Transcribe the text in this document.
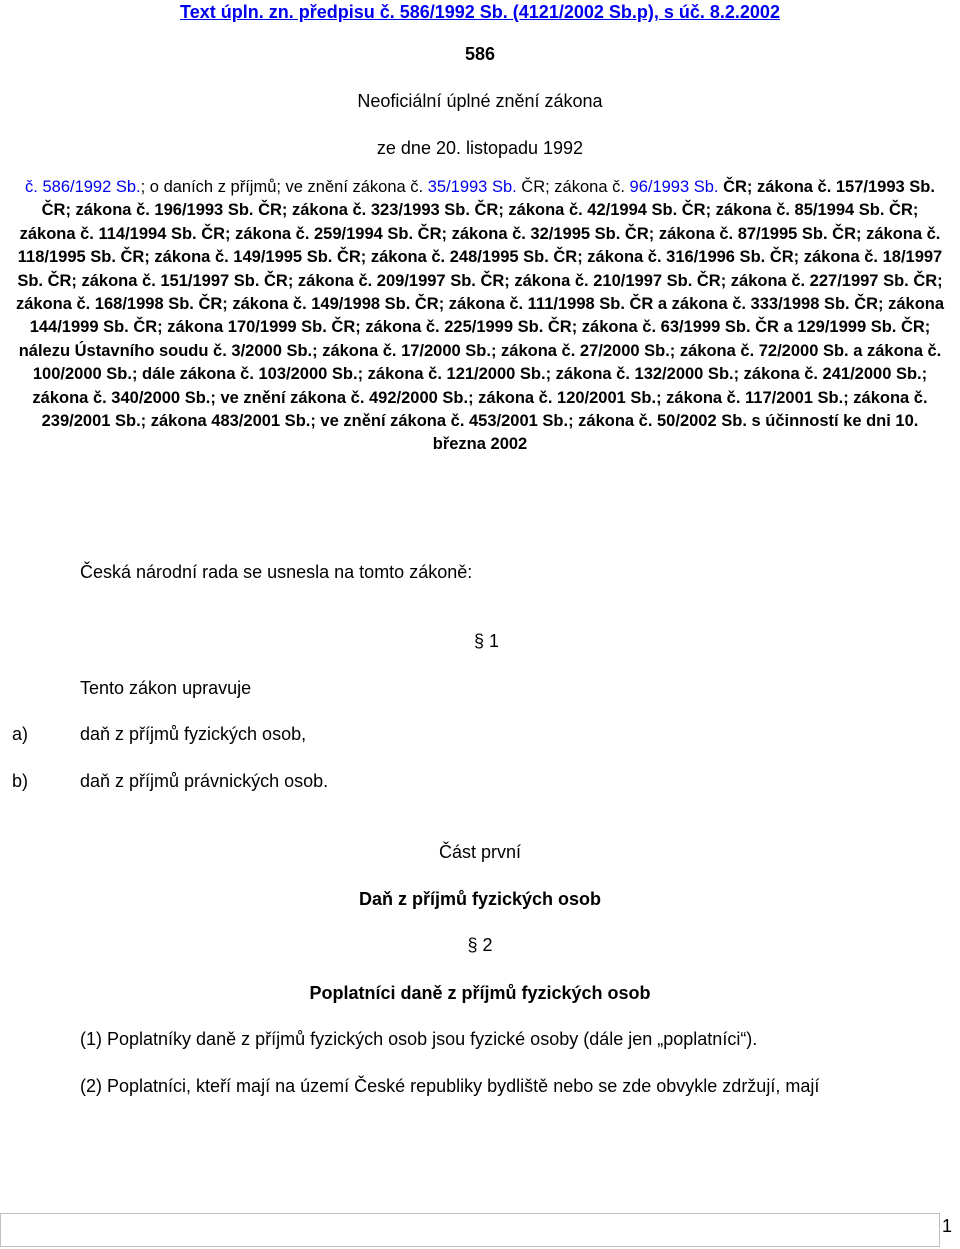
Text úpln. zn. předpisu č. 586/1992 Sb. (4121/2002 Sb.p), s úč. 8.2.2002
586
Neoficiální úplné znění zákona
ze dne 20. listopadu 1992
č. 586/1992 Sb.; o daních z příjmů; ve znění zákona č. 35/1993 Sb. ČR; zákona č. 96/1993 Sb. ČR; zákona č. 157/1993 Sb. ČR; zákona č. 196/1993 Sb. ČR; zákona č. 323/1993 Sb. ČR; zákona č. 42/1994 Sb. ČR; zákona č. 85/1994 Sb. ČR; zákona č. 114/1994 Sb. ČR; zákona č. 259/1994 Sb. ČR; zákona č. 32/1995 Sb. ČR; zákona č. 87/1995 Sb. ČR; zákona č. 118/1995 Sb. ČR; zákona č. 149/1995 Sb. ČR; zákona č. 248/1995 Sb. ČR; zákona č. 316/1996 Sb. ČR; zákona č. 18/1997 Sb. ČR; zákona č. 151/1997 Sb. ČR; zákona č. 209/1997 Sb. ČR; zákona č. 210/1997 Sb. ČR; zákona č. 227/1997 Sb. ČR; zákona č. 168/1998 Sb. ČR; zákona č. 149/1998 Sb. ČR; zákona č. 111/1998 Sb. ČR a zákona č. 333/1998 Sb. ČR; zákona 144/1999 Sb. ČR; zákona 170/1999 Sb. ČR; zákona č. 225/1999 Sb. ČR; zákona č. 63/1999 Sb. ČR a 129/1999 Sb. ČR; nálezu Ústavního soudu č. 3/2000 Sb.; zákona č. 17/2000 Sb.; zákona č. 27/2000 Sb.; zákona č. 72/2000 Sb. a zákona č. 100/2000 Sb.; dále zákona č. 103/2000 Sb.; zákona č. 121/2000 Sb.; zákona č. 132/2000 Sb.; zákona č. 241/2000 Sb.; zákona č. 340/2000 Sb.; ve znění zákona č. 492/2000 Sb.; zákona č. 120/2001 Sb.; zákona č. 117/2001 Sb.; zákona č. 239/2001 Sb.; zákona 483/2001 Sb.; ve znění zákona č. 453/2001 Sb.; zákona č. 50/2002 Sb. s účinností ke dni 10. března 2002
Česká národní rada se usnesla na tomto zákoně:
§ 1
Tento zákon upravuje
a)	daň z příjmů fyzických osob,
b)	daň z příjmů právnických osob.
Část první
Daň z příjmů fyzických osob
§ 2
Poplatníci daně z příjmů fyzických osob
(1) Poplatníky daně z příjmů fyzických osob jsou fyzické osoby (dále jen „poplatníci“).
(2) Poplatníci, kteří mají na území České republiky bydliště nebo se zde obvykle zdržují, mají
1
